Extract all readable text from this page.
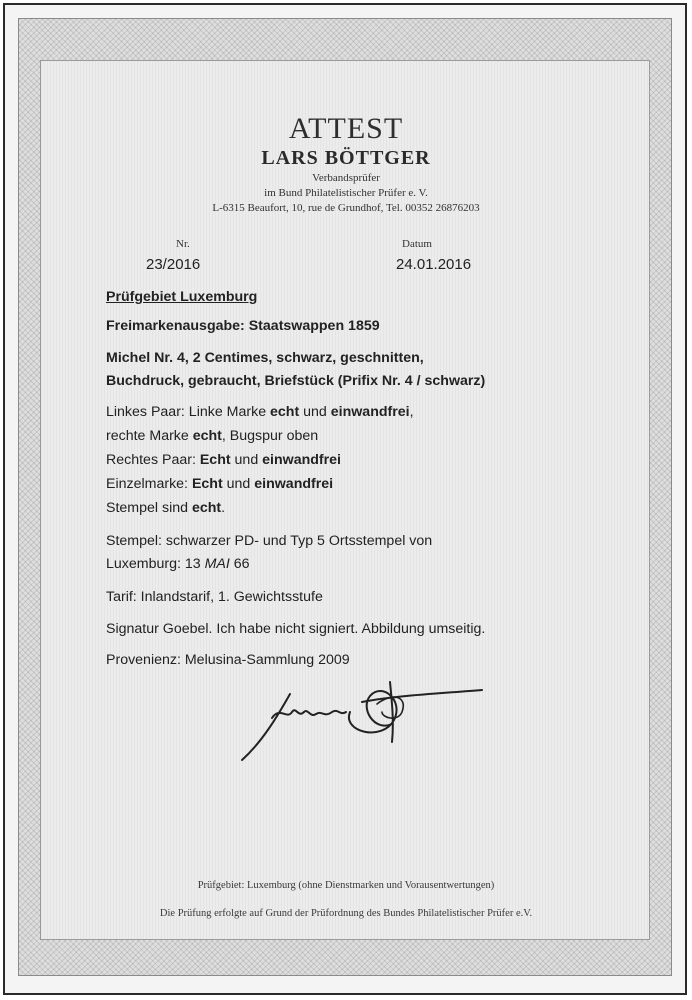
ATTEST
LARS BÖTTGER
Verbandsprüfer
im Bund Philatelistischer Prüfer e. V.
L-6315 Beaufort, 10, rue de Grundhof, Tel. 00352 26876203
Nr.
23/2016
Datum
24.01.2016
Prüfgebiet Luxemburg
Freimarkenausgabe: Staatswappen 1859
Michel Nr. 4, 2 Centimes, schwarz, geschnitten,
Buchdruck, gebraucht, Briefstück (Prifix Nr. 4 / schwarz)
Linkes Paar: Linke Marke echt und einwandfrei,
rechte Marke echt, Bugspur oben
Rechtes Paar: Echt und einwandfrei
Einzelmarke: Echt und einwandfrei
Stempel sind echt.
Stempel: schwarzer PD- und Typ 5 Ortsstempel von
Luxemburg: 13 MAI 66
Tarif: Inlandstarif, 1. Gewichtsstufe
Signatur Goebel. Ich habe nicht signiert. Abbildung umseitig.
Provenienz: Melusina-Sammlung 2009
Prüfgebiet: Luxemburg (ohne Dienstmarken und Vorausentwertungen)
Die Prüfung erfolgte auf Grund der Prüfordnung des Bundes Philatelistischer Prüfer e.V.
